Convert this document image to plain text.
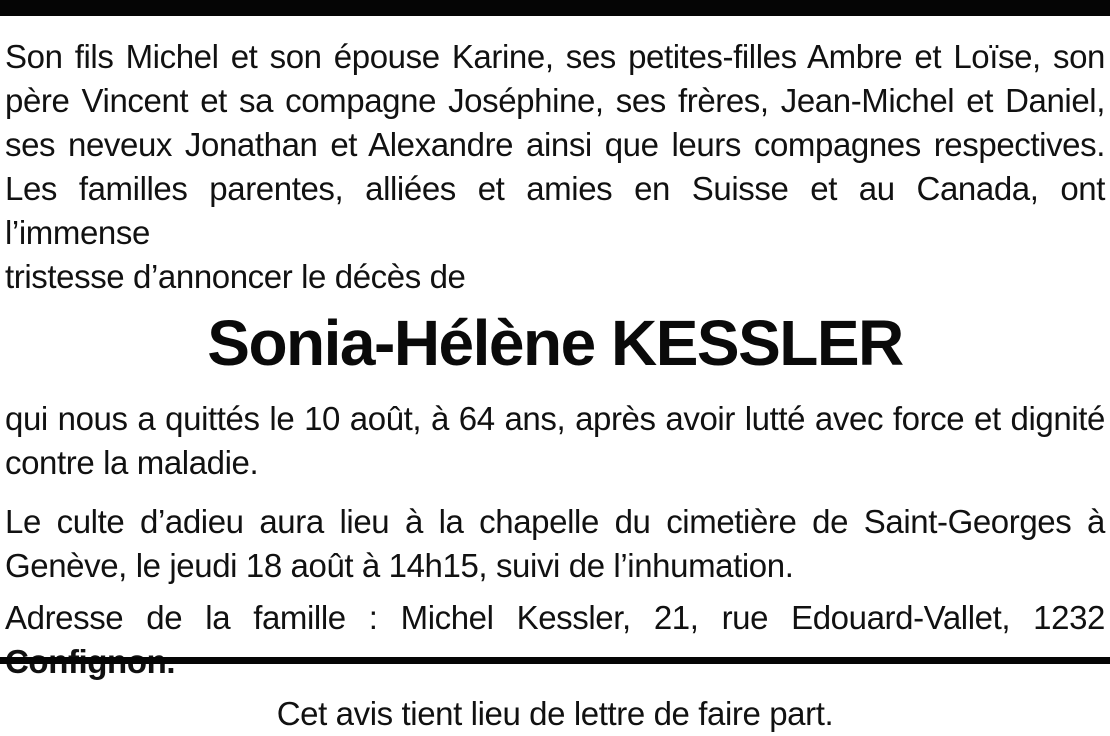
Son fils Michel et son épouse Karine, ses petites-filles Ambre et Loïse, son
père Vincent et sa compagne Joséphine, ses frères, Jean-Michel et Daniel,
ses neveux Jonathan et Alexandre ainsi que leurs compagnes respectives.
Les familles parentes, alliées et amies en Suisse et au Canada, ont l’immense
tristesse d’annoncer le décès de
Sonia-Hélène KESSLER
qui nous a quittés le 10 août, à 64 ans, après avoir lutté avec force et dignité
contre la maladie.
Le culte d’adieu aura lieu à la chapelle du cimetière de Saint-Georges à
Genève, le jeudi 18 août à 14h15, suivi de l’inhumation.
Adresse de la famille : Michel Kessler, 21, rue Edouard-Vallet, 1232
Cet avis tient lieu de lettre de faire part.
